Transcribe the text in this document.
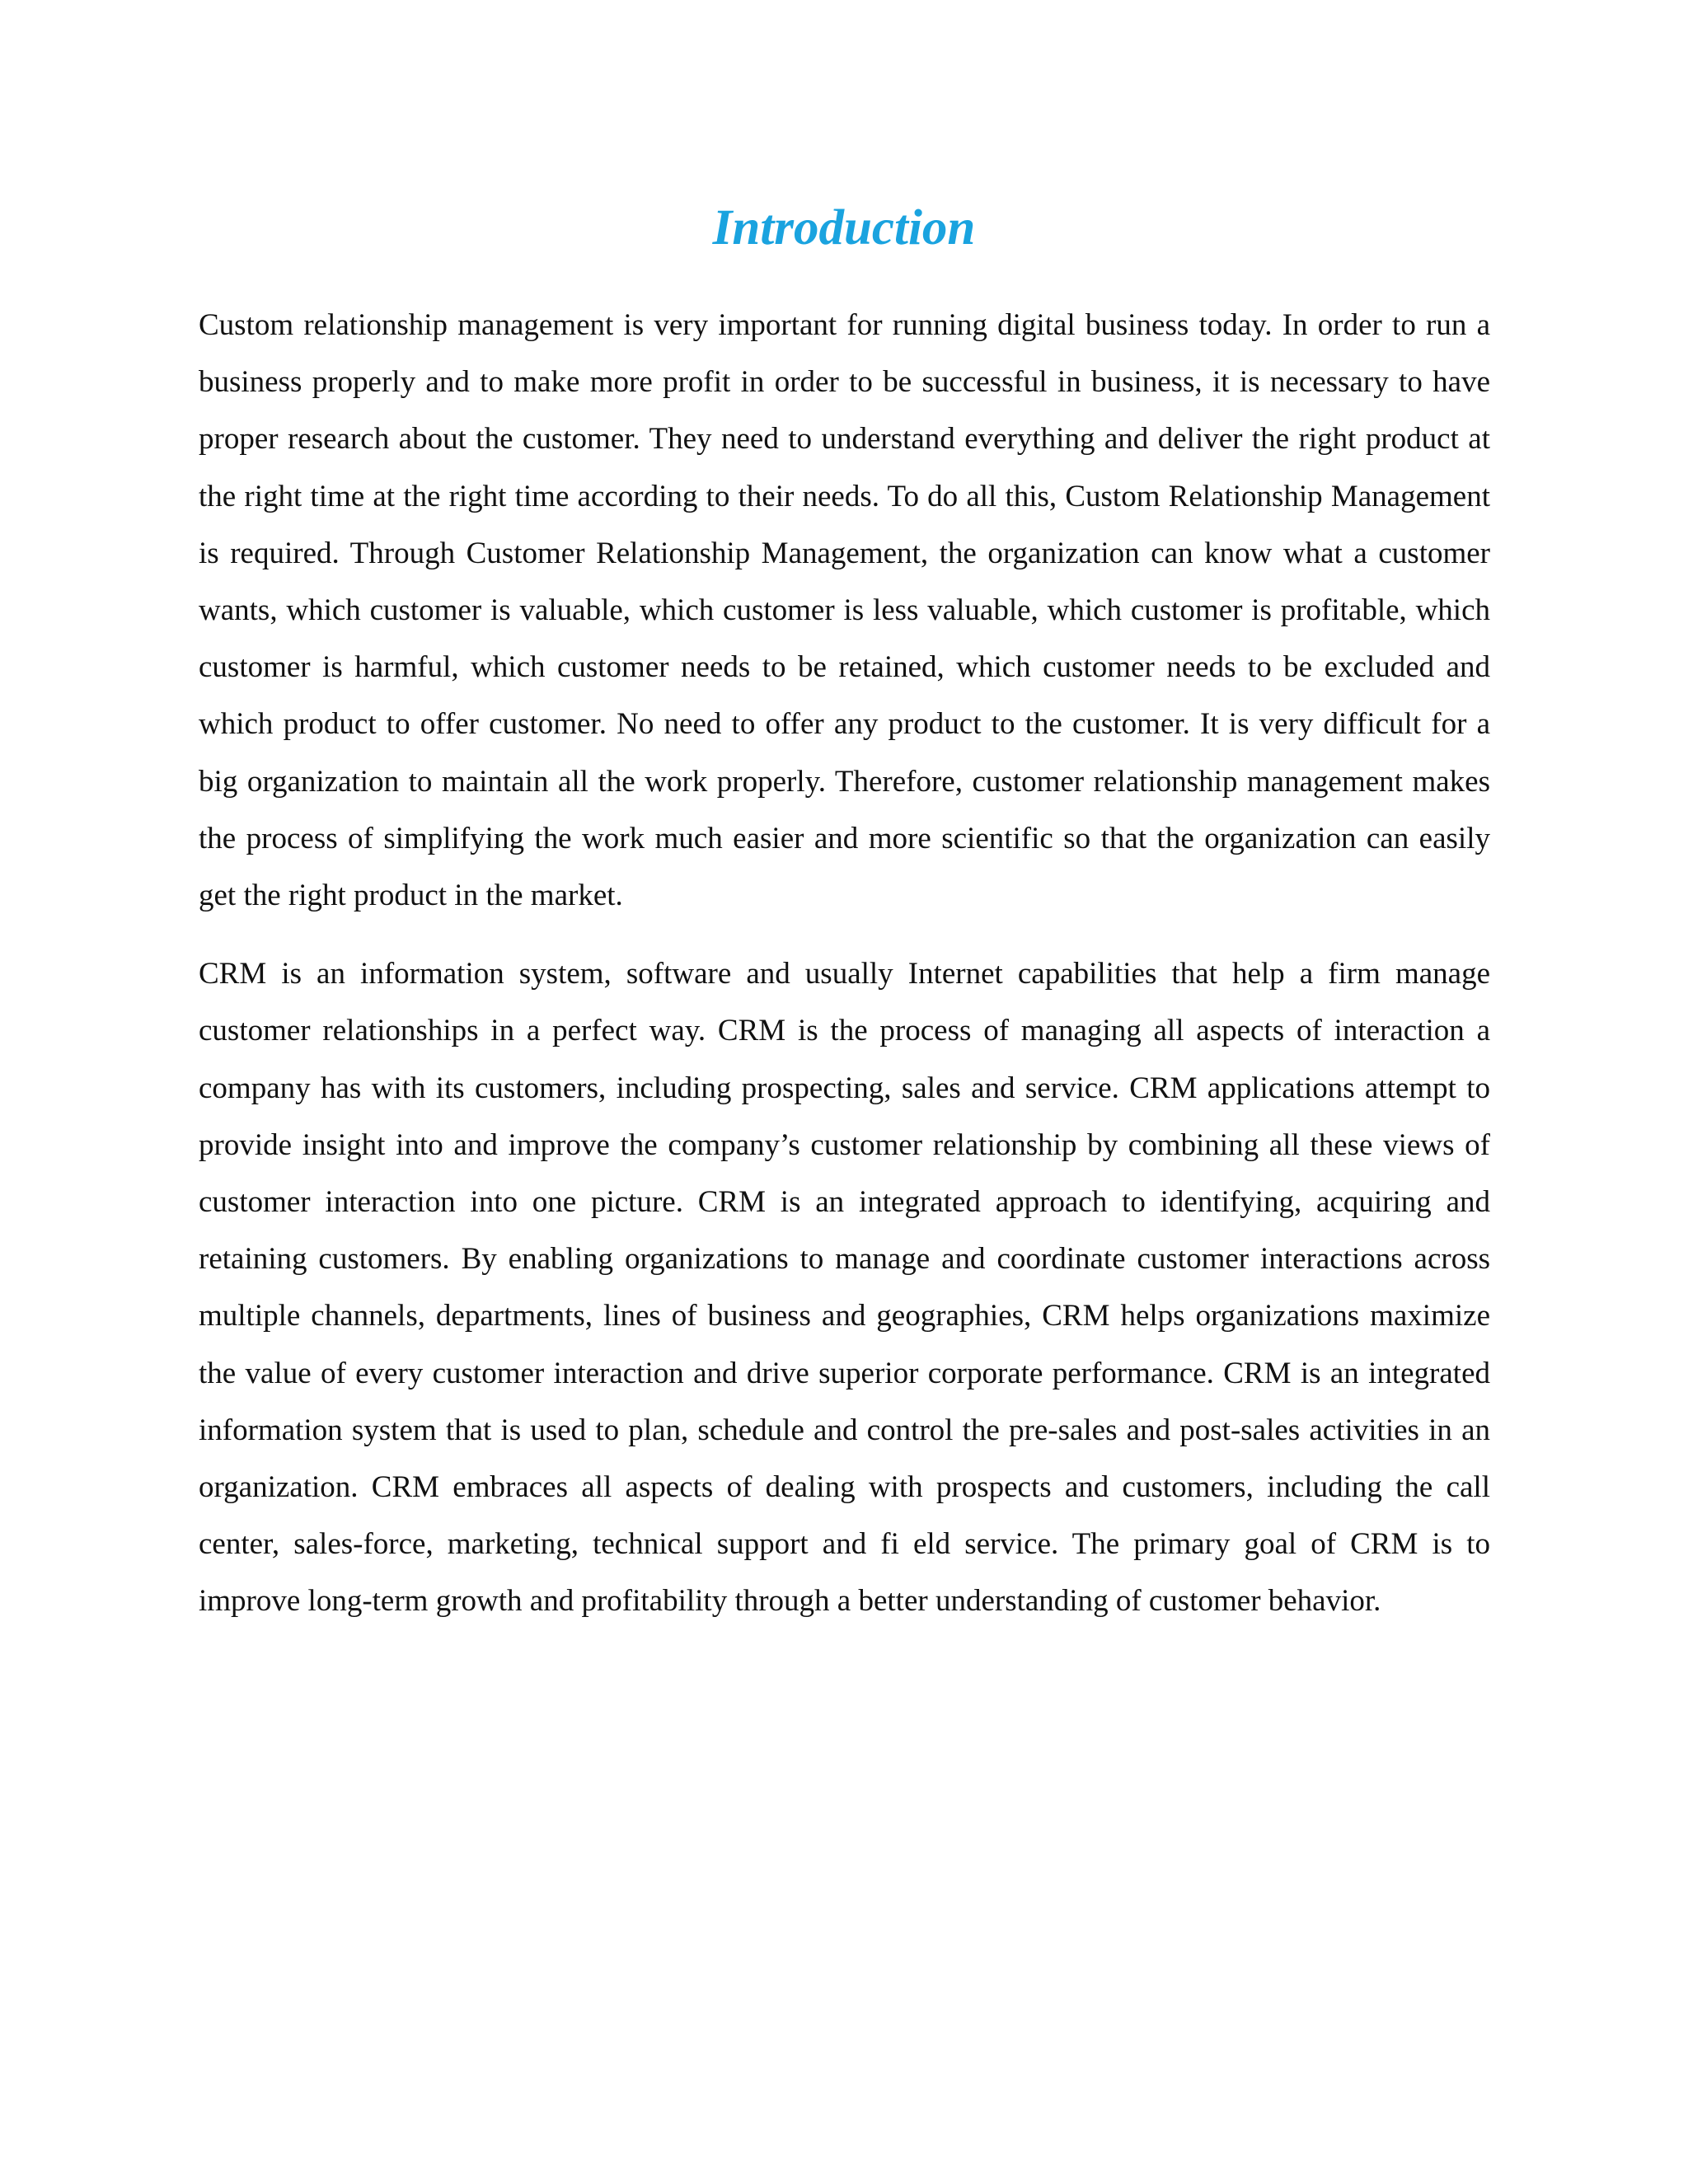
Introduction

Custom relationship management is very important for running digital business today. In order to run a business properly and to make more profit in order to be successful in business, it is necessary to have proper research about the customer. They need to understand everything and deliver the right product at the right time at the right time according to their needs. To do all this, Custom Relationship Management is required. Through Customer Relationship Management, the organization can know what a customer wants, which customer is valuable, which customer is less valuable, which customer is profitable, which customer is harmful, which customer needs to be retained, which customer needs to be excluded and which product to offer customer. No need to offer any product to the customer. It is very difficult for a big organization to maintain all the work properly. Therefore, customer relationship management makes the process of simplifying the work much easier and more scientific so that the organization can easily get the right product in the market.

CRM is an information system, software and usually Internet capabilities that help a firm manage customer relationships in a perfect way. CRM is the process of managing all aspects of interaction a company has with its customers, including prospecting, sales and service. CRM applications attempt to provide insight into and improve the company’s customer relationship by combining all these views of customer interaction into one picture. CRM is an integrated approach to identifying, acquiring and retaining customers. By enabling organizations to manage and coordinate customer interactions across multiple channels, departments, lines of business and geographies, CRM helps organizations maximize the value of every customer interaction and drive superior corporate performance. CRM is an integrated information system that is used to plan, schedule and control the pre-sales and post-sales activities in an organization. CRM embraces all aspects of dealing with prospects and customers, including the call center, sales-force, marketing, technical support and fi eld service. The primary goal of CRM is to improve long-term growth and profitability through a better understanding of customer behavior.
